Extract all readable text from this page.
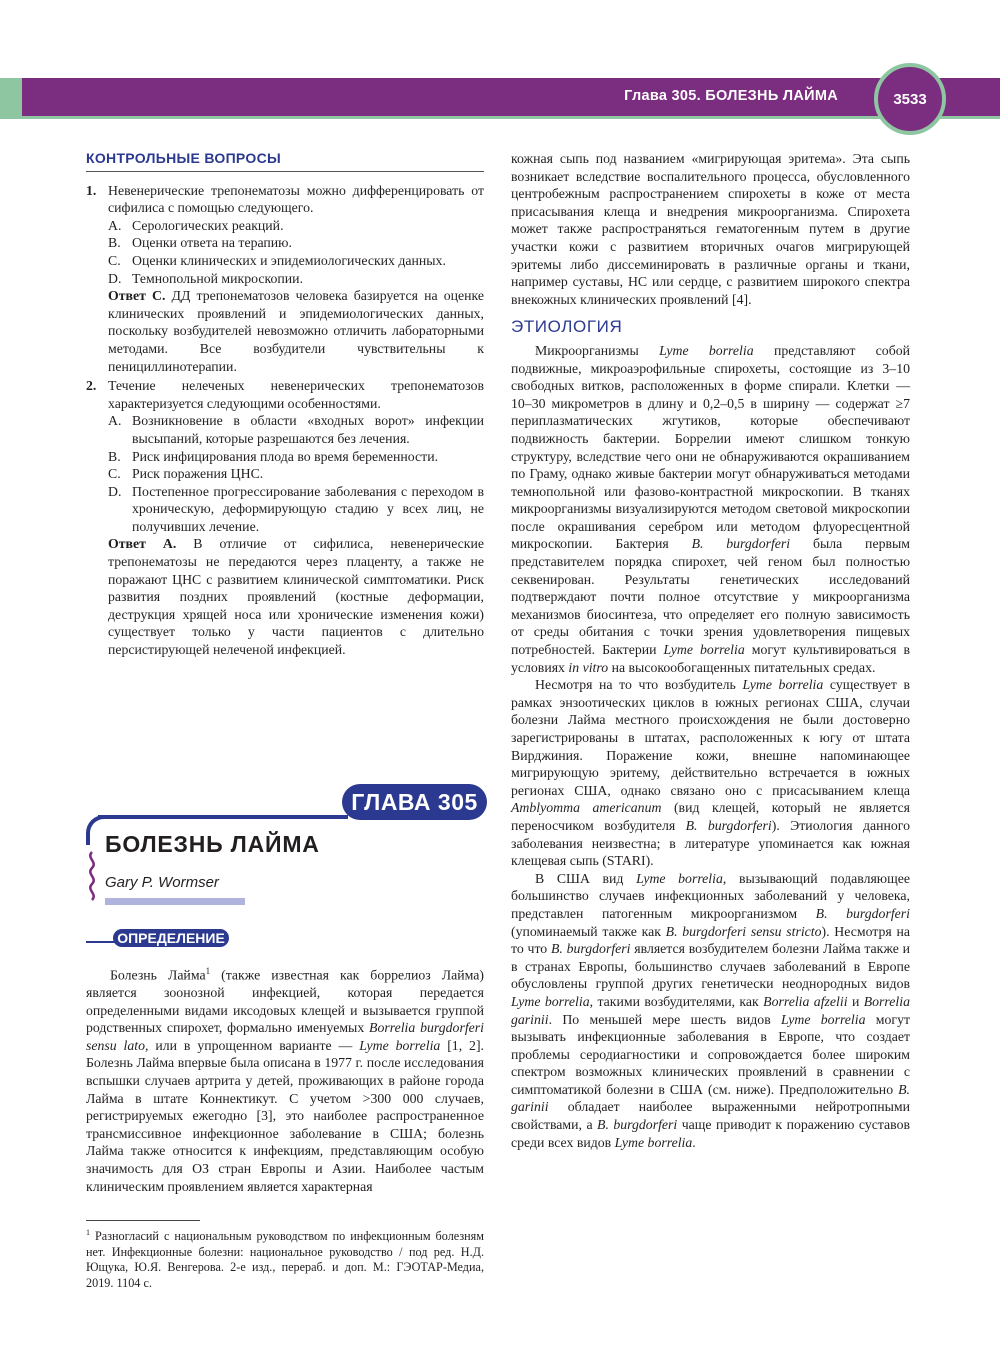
Глава 305. БОЛЕЗНЬ ЛАЙМА	3533
КОНТРОЛЬНЫЕ ВОПРОСЫ
1. Невенерические трепонематозы можно дифференцировать от сифилиса с помощью следующего.

A. Серологических реакций.
B. Оценки ответа на терапию.
C. Оценки клинических и эпидемиологических данных.
D. Темнопольной микроскопии.

Ответ C. ДД трепонематозов человека базируется на оценке клинических проявлений и эпидемиологических данных, поскольку возбудителей невозможно отличить лабораторными методами. Все возбудители чувствительны к пенициллинотерапии.

2. Течение нелеченых невенерических трепонематозов характеризуется следующими особенностями.

A. Возникновение в области «входных ворот» инфекции высыпаний, которые разрешаются без лечения.
B. Риск инфицирования плода во время беременности.
C. Риск поражения ЦНС.
D. Постепенное прогрессирование заболевания с переходом в хроническую, деформирующую стадию у всех лиц, не получивших лечение.

Ответ A. В отличие от сифилиса, невенерические трепонематозы не передаются через плаценту, а также не поражают ЦНС с развитием клинической симптоматики. Риск развития поздних проявлений (костные деформации, деструкция хрящей носа или хронические изменения кожи) существует только у части пациентов с длительно персистирующей нелеченой инфекцией.

ГЛАВА 305
БОЛЕЗНЬ ЛАЙМА
Gary P. Wormser
ОПРЕДЕЛЕНИЕ

Болезнь Лайма$^1$ (также известная как боррелиоз Лайма) является зоонозной инфекцией, которая передается определенными видами иксодовых клещей и вызывается группой родственных спирохет, формально именуемых Borrelia burgdorferi sensu lato, или в упрощенном варианте — Lyme borrelia [1, 2]. Болезнь Лайма впервые была описана в 1977 г. после исследования вспышки случаев артрита у детей, проживающих в районе города Лайма в штате Коннектикут. С учетом >300 000 случаев, регистрируемых ежегодно [3], это наиболее распространенное трансмиссивное инфекционное заболевание в США; болезнь Лайма также относится к инфекциям, представляющим особую значимость для ОЗ стран Европы и Азии. Наиболее частым клиническим проявлением является характерная

$^1$ Разногласий с национальным руководством по инфекционным болезням нет. Инфекционные болезни: национальное руководство / под ред. Н.Д. Ющука, Ю.Я. Венгерова. 2-е изд., перераб. и доп. М.: ГЭОТАР-Медиа, 2019. 1104 с.

кожная сыпь под названием «мигрирующая эритема». Эта сыпь возникает вследствие воспалительного процесса, обусловленного центробежным распространением спирохеты в коже от места присасывания клеща и внедрения микроорганизма. Спирохета может также распространяться гематогенным путем в другие участки кожи с развитием вторичных очагов мигрирующей эритемы либо диссеминировать в различные органы и ткани, например суставы, НС или сердце, с развитием широкого спектра внекожных клинических проявлений [4].

ЭТИОЛОГИЯ

Микроорганизмы Lyme borrelia представляют собой подвижные, микроаэрофильные спирохеты, состоящие из 3–10 свободных витков, расположенных в форме спирали. Клетки — 10–30 микрометров в длину и 0,2–0,5 в ширину — содержат ≥7 периплазматических жгутиков, которые обеспечивают подвижность бактерии. Боррелии имеют слишком тонкую структуру, вследствие чего они не обнаруживаются окрашиванием по Граму, однако живые бактерии могут обнаруживаться методами темнопольной или фазово-контрастной микроскопии. В тканях микроорганизмы визуализируются методом световой микроскопии после окрашивания серебром или методом флуоресцентной микроскопии. Бактерия B. burgdorferi была первым представителем порядка спирохет, чей геном был полностью секвенирован. Результаты генетических исследований подтверждают почти полное отсутствие у микроорганизма механизмов биосинтеза, что определяет его полную зависимость от среды обитания с точки зрения удовлетворения пищевых потребностей. Бактерии Lyme borrelia могут культивироваться в условиях in vitro на высокообогащенных питательных средах.

Несмотря на то что возбудитель Lyme borrelia существует в рамках энзоотических циклов в южных регионах США, случаи болезни Лайма местного происхождения не были достоверно зарегистрированы в штатах, расположенных к югу от штата Вирджиния. Поражение кожи, внешне напоминающее мигрирующую эритему, действительно встречается в южных регионах США, однако связано оно с присасыванием клеща Amblyomma americanum (вид клещей, который не является переносчиком возбудителя B. burgdorferi). Этиология данного заболевания неизвестна; в литературе упоминается как южная клещевая сыпь (STARI).

В США вид Lyme borrelia, вызывающий подавляющее большинство случаев инфекционных заболеваний у человека, представлен патогенным микроорганизмом B. burgdorferi (упоминаемый также как B. burgdorferi sensu stricto). Несмотря на то что B. burgdorferi является возбудителем болезни Лайма также и в странах Европы, большинство случаев заболеваний в Европе обусловлены группой других генетически неоднородных видов Lyme borrelia, такими возбудителями, как Borrelia afzelii и Borrelia garinii. По меньшей мере шесть видов Lyme borrelia могут вызывать инфекционные заболевания в Европе, что создает проблемы серодиагностики и сопровождается более широким спектром возможных клинических проявлений в сравнении с симптоматикой болезни в США (см. ниже). Предположительно B. garinii обладает наиболее выраженными нейротропными свойствами, а B. burgdorferi чаще приводит к поражению суставов среди всех видов Lyme borrelia.
